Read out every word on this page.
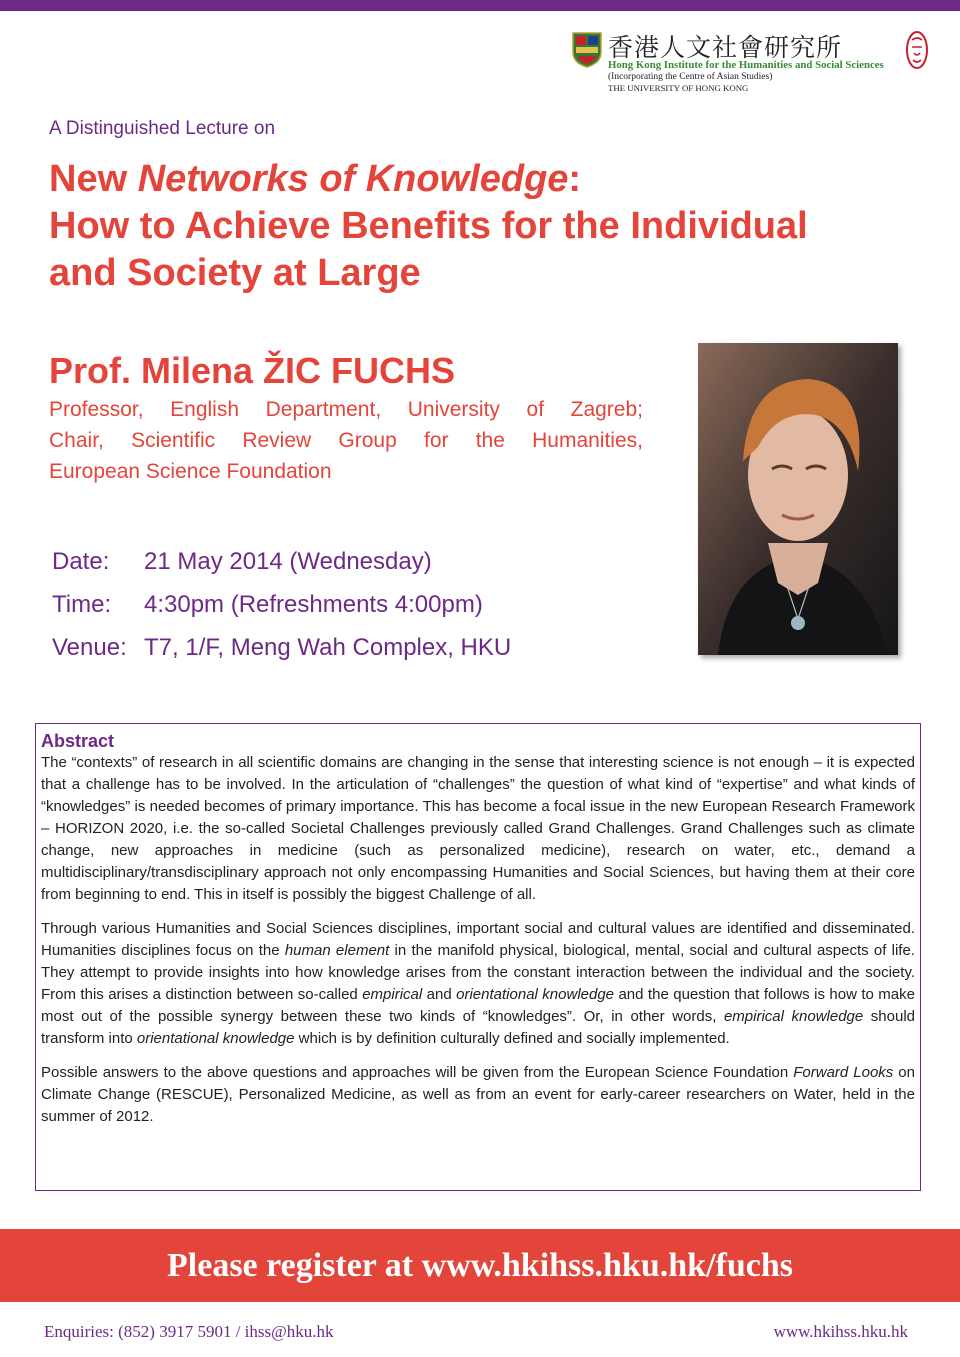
香港人文社會研究所
Hong Kong Institute for the Humanities and Social Sciences
(Incorporating the Centre of Asian Studies)
THE UNIVERSITY OF HONG KONG
A Distinguished Lecture on
New Networks of Knowledge:
How to Achieve Benefits for the Individual
and Society at Large
Prof. Milena ŽIC FUCHS
Professor, English Department, University of Zagreb;
Chair, Scientific Review Group for the Humanities,
European Science Foundation
Date:	21 May 2014 (Wednesday)
Time:	4:30pm (Refreshments 4:00pm)
Venue: T7, 1/F, Meng Wah Complex, HKU
Abstract

The “contexts” of research in all scientific domains are changing in the sense that interesting science is not enough – it is expected that a challenge has to be involved. In the articulation of “challenges” the question of what kind of “expertise” and what kinds of “knowledges” is needed becomes of primary importance. This has become a focal issue in the new European Research Framework – HORIZON 2020, i.e. the so-called Societal Challenges previously called Grand Challenges. Grand Challenges such as climate change, new approaches in medicine (such as personalized medicine), research on water, etc., demand a multidisciplinary/transdisciplinary approach not only encompassing Humanities and Social Sciences, but having them at their core from beginning to end. This in itself is possibly the biggest Challenge of all.

Through various Humanities and Social Sciences disciplines, important social and cultural values are identified and disseminated. Humanities disciplines focus on the human element in the manifold physical, biological, mental, social and cultural aspects of life. They attempt to provide insights into how knowledge arises from the constant interaction between the individual and the society. From this arises a distinction between so-called empirical and orientational knowledge and the question that follows is how to make most out of the possible synergy between these two kinds of “knowledges”. Or, in other words, empirical knowledge should transform into orientational knowledge which is by definition culturally defined and socially implemented.

Possible answers to the above questions and approaches will be given from the European Science Foundation Forward Looks on Climate Change (RESCUE), Personalized Medicine, as well as from an event for early-career researchers on Water, held in the summer of 2012.

Please register at www.hkihss.hku.hk/fuchs
Enquiries: (852) 3917 5901 / ihss@hku.hk	www.hkihss.hku.hk
